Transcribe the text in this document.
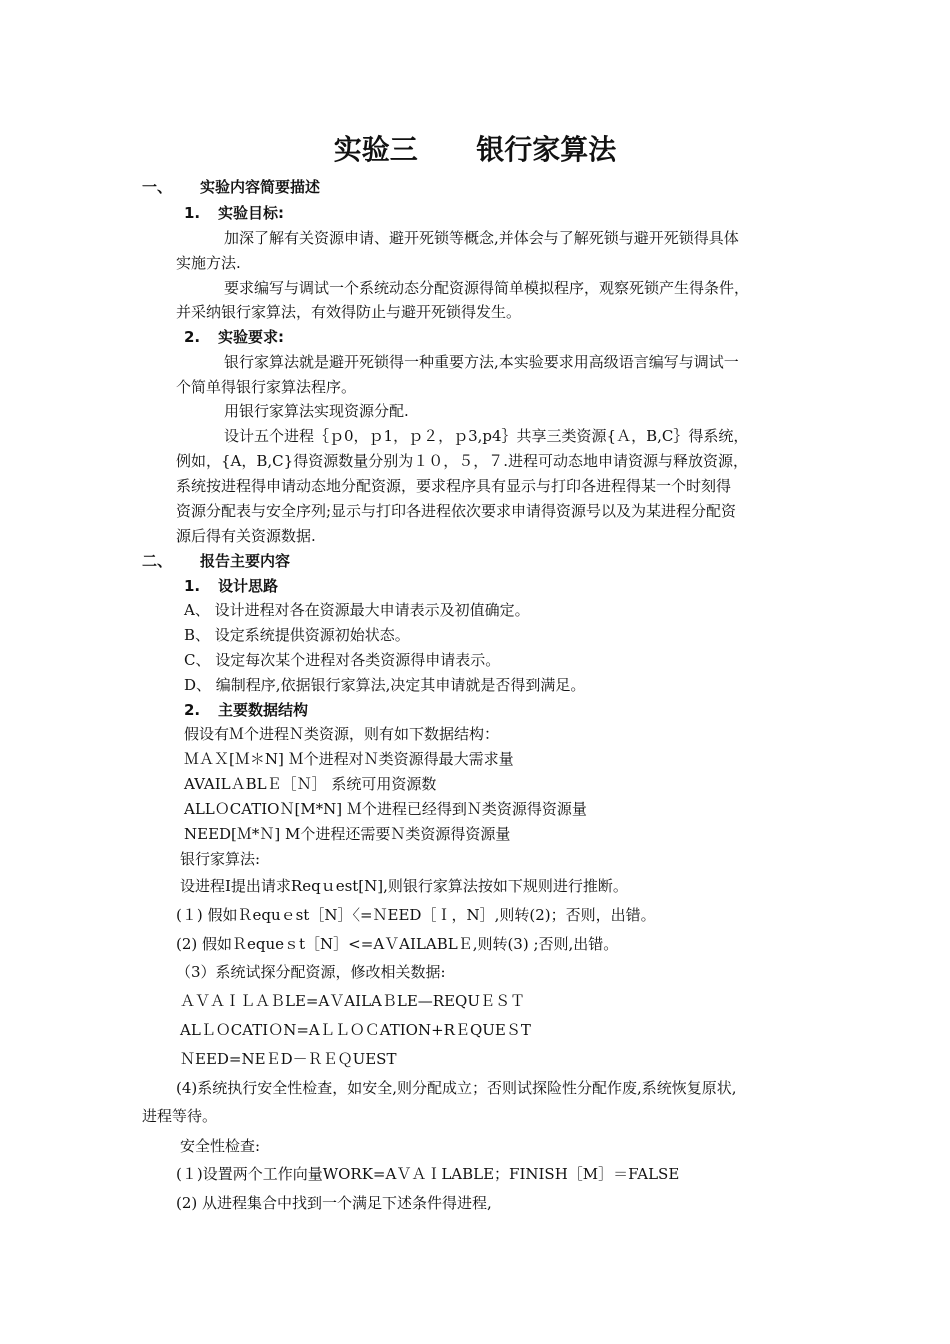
实验三      银行家算法
一、 实验内容简要描述
1. 实验目标:
加深了解有关资源申请、避开死锁等概念,并体会与了解死锁与避开死锁得具体
实施方法.
要求编写与调试一个系统动态分配资源得简单模拟程序，观察死锁产生得条件，
并采纳银行家算法，有效得防止与避开死锁得发生。
2. 实验要求:
银行家算法就是避开死锁得一种重要方法,本实验要求用高级语言编写与调试一
个简单得银行家算法程序。
用银行家算法实现资源分配.
设计五个进程｛ｐ0，ｐ1，ｐ２，ｐ3,p4｝共享三类资源{Ａ，B,C｝得系统，
例如，{A，B,C}得资源数量分别为１０，５，７.进程可动态地申请资源与释放资源，
系统按进程得申请动态地分配资源，要求程序具有显示与打印各进程得某一个时刻得
资源分配表与安全序列;显示与打印各进程依次要求申请得资源号以及为某进程分配资
源后得有关资源数据.
二、 报告主要内容
1. 设计思路
A、 设计进程对各在资源最大申请表示及初值确定。
B、 设定系统提供资源初始状态。
C、 设定每次某个进程对各类资源得申请表示。
D、 编制程序,依据银行家算法,决定其申请就是否得到满足。
2. 主要数据结构
假设有Ｍ个进程Ｎ类资源，则有如下数据结构：
ＭＡＸ[Ｍ＊N] Ｍ个进程对Ｎ类资源得最大需求量
AVAILＡBLＥ［Ｎ］ 系统可用资源数
ALLＯCATIOＮ[M*N] Ｍ个进程已经得到Ｎ类资源得资源量
NEED[Ｍ*Ｎ] M个进程还需要Ｎ类资源得资源量
银行家算法:
设进程I提出请求Reqｕest[N],则银行家算法按如下规则进行推断。
(１) 假如Ｒequｅst［N］〈=ＮEED［Ｉ，N］,则转(2)；否则，出错。
(2) 假如Ｒequeｓt［N］<=AＶAILABLＥ,则转(3) ;否则,出错。
（3）系统试探分配资源，修改相关数据:
ＡＶＡＩＬＡＢLE=AＶAILAＢLE—REQUＥＳＴ
ALＬＯCATIＯN=AＬＬＯＣATION+RＥQUEＳT
ＮEED=NEＥD－ＲＥＱUEST
(4)系统执行安全性检查，如安全,则分配成立；否则试探险性分配作废,系统恢复原状,
进程等待。
安全性检查:
(１)设置两个工作向量WORK=AＶＡＩLABLE；FINISH［M］＝FALSE
(2) 从进程集合中找到一个满足下述条件得进程,
